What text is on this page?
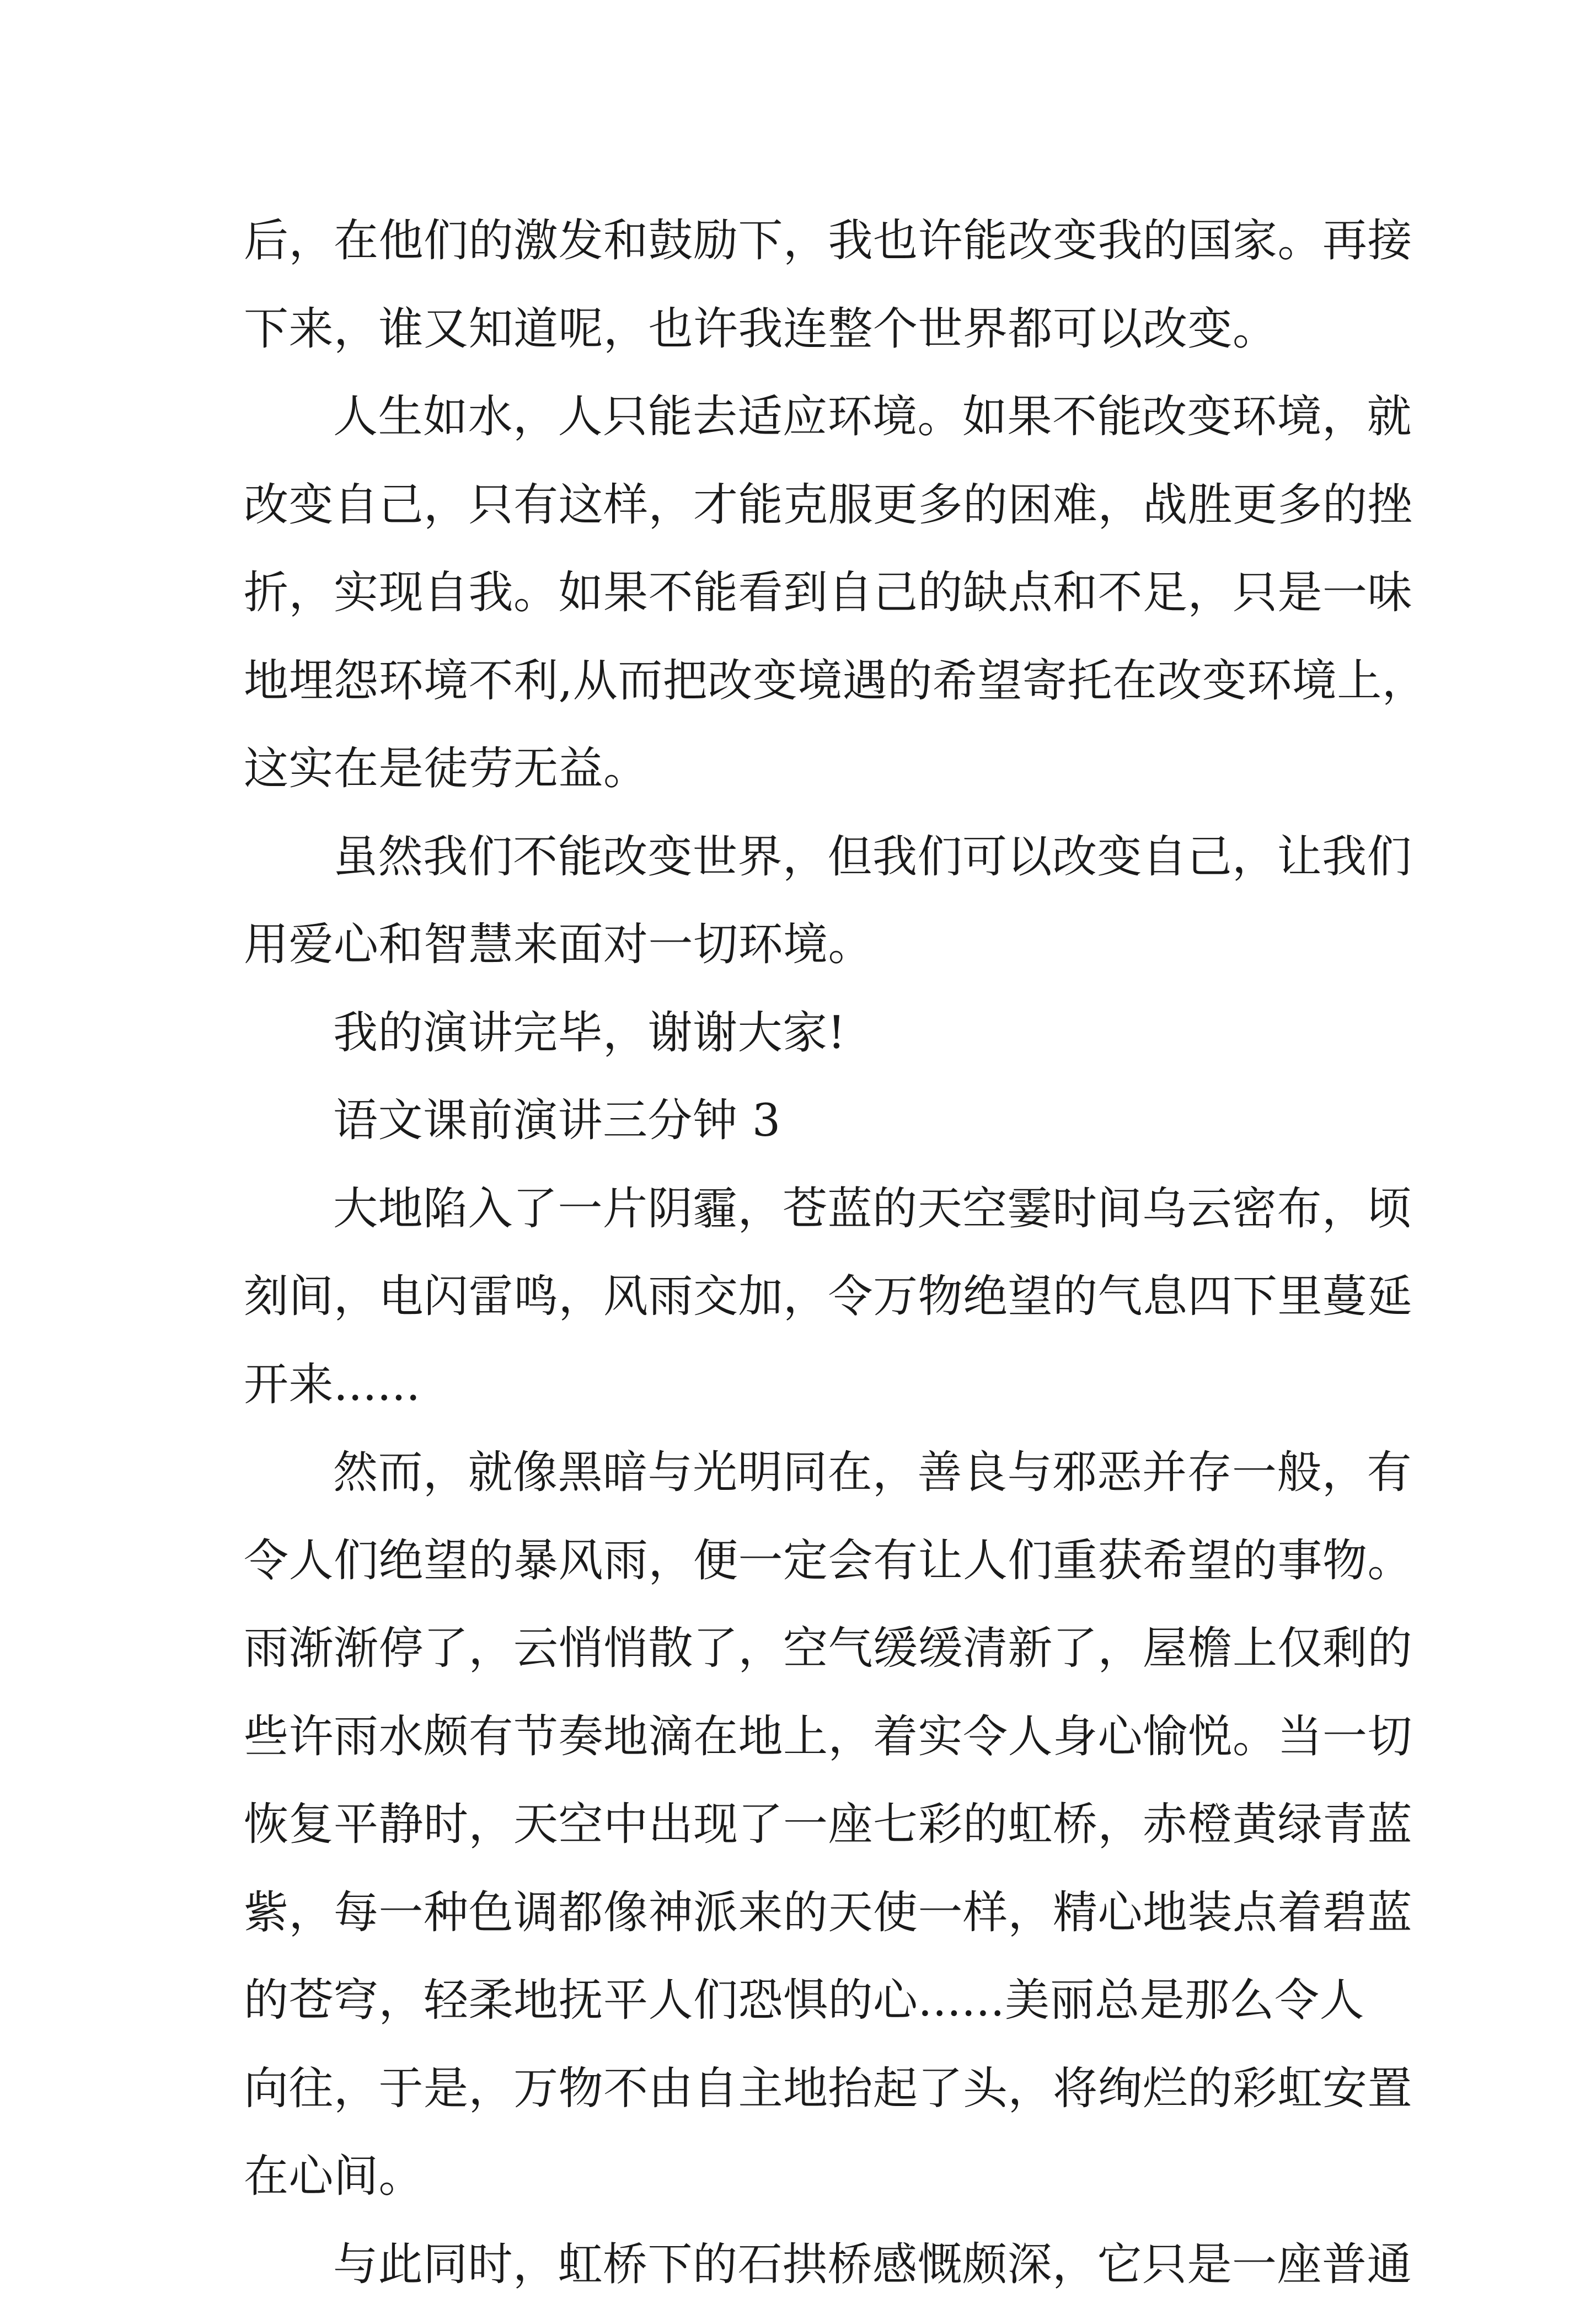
后，在他们的激发和鼓励下，我也许能改变我的国家。再接
下来，谁又知道呢，也许我连整个世界都可以改变。
人生如水，人只能去适应环境。如果不能改变环境，就
改变自己，只有这样，才能克服更多的困难，战胜更多的挫
折，实现自我。如果不能看到自己的缺点和不足，只是一味
地埋怨环境不利,从而把改变境遇的希望寄托在改变环境上，
这实在是徒劳无益。
虽然我们不能改变世界，但我们可以改变自己，让我们
用爱心和智慧来面对一切环境。
我的演讲完毕，谢谢大家!
语文课前演讲三分钟 3
大地陷入了一片阴霾，苍蓝的天空霎时间乌云密布，顷
刻间，电闪雷鸣，风雨交加，令万物绝望的气息四下里蔓延
开来......
然而，就像黑暗与光明同在，善良与邪恶并存一般，有
令人们绝望的暴风雨，便一定会有让人们重获希望的事物。
雨渐渐停了，云悄悄散了，空气缓缓清新了，屋檐上仅剩的
些许雨水颇有节奏地滴在地上，着实令人身心愉悦。当一切
恢复平静时，天空中出现了一座七彩的虹桥，赤橙黄绿青蓝
紫，每一种色调都像神派来的天使一样，精心地装点着碧蓝
的苍穹，轻柔地抚平人们恐惧的心......美丽总是那么令人
向往，于是，万物不由自主地抬起了头，将绚烂的彩虹安置
在心间。
与此同时，虹桥下的石拱桥感慨颇深，它只是一座普通
